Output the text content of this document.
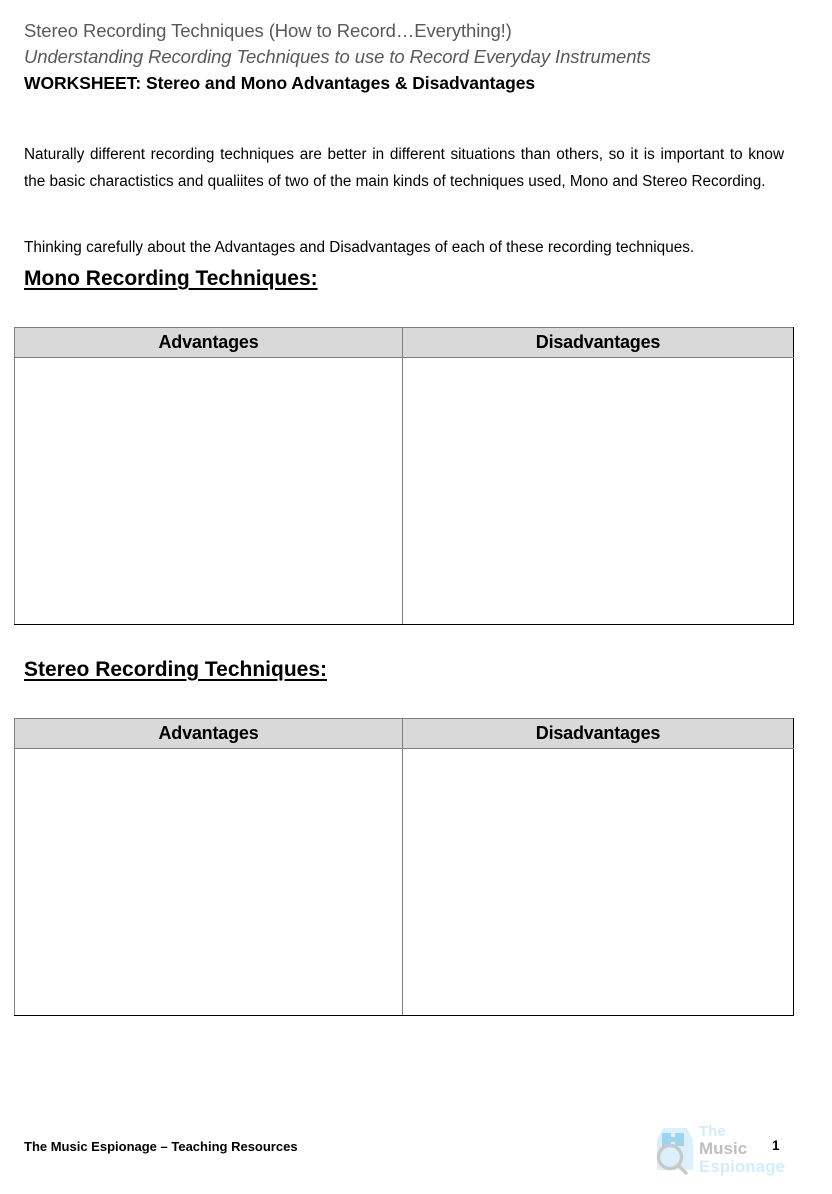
Stereo Recording Techniques (How to Record…Everything!)
Understanding Recording Techniques to use to Record Everyday Instruments
WORKSHEET: Stereo and Mono Advantages & Disadvantages

Naturally different recording techniques are better in different situations than others, so it is important to know the basic charactistics and qualiites of two of the main kinds of techniques used, Mono and Stereo Recording.

Thinking carefully about the Advantages and Disadvantages of each of these recording techniques.

Mono Recording Techniques:
Advantages	Disadvantages

Stereo Recording Techniques:
Advantages	Disadvantages

The Music Espionage – Teaching Resources	1
The
Music
Espionage
